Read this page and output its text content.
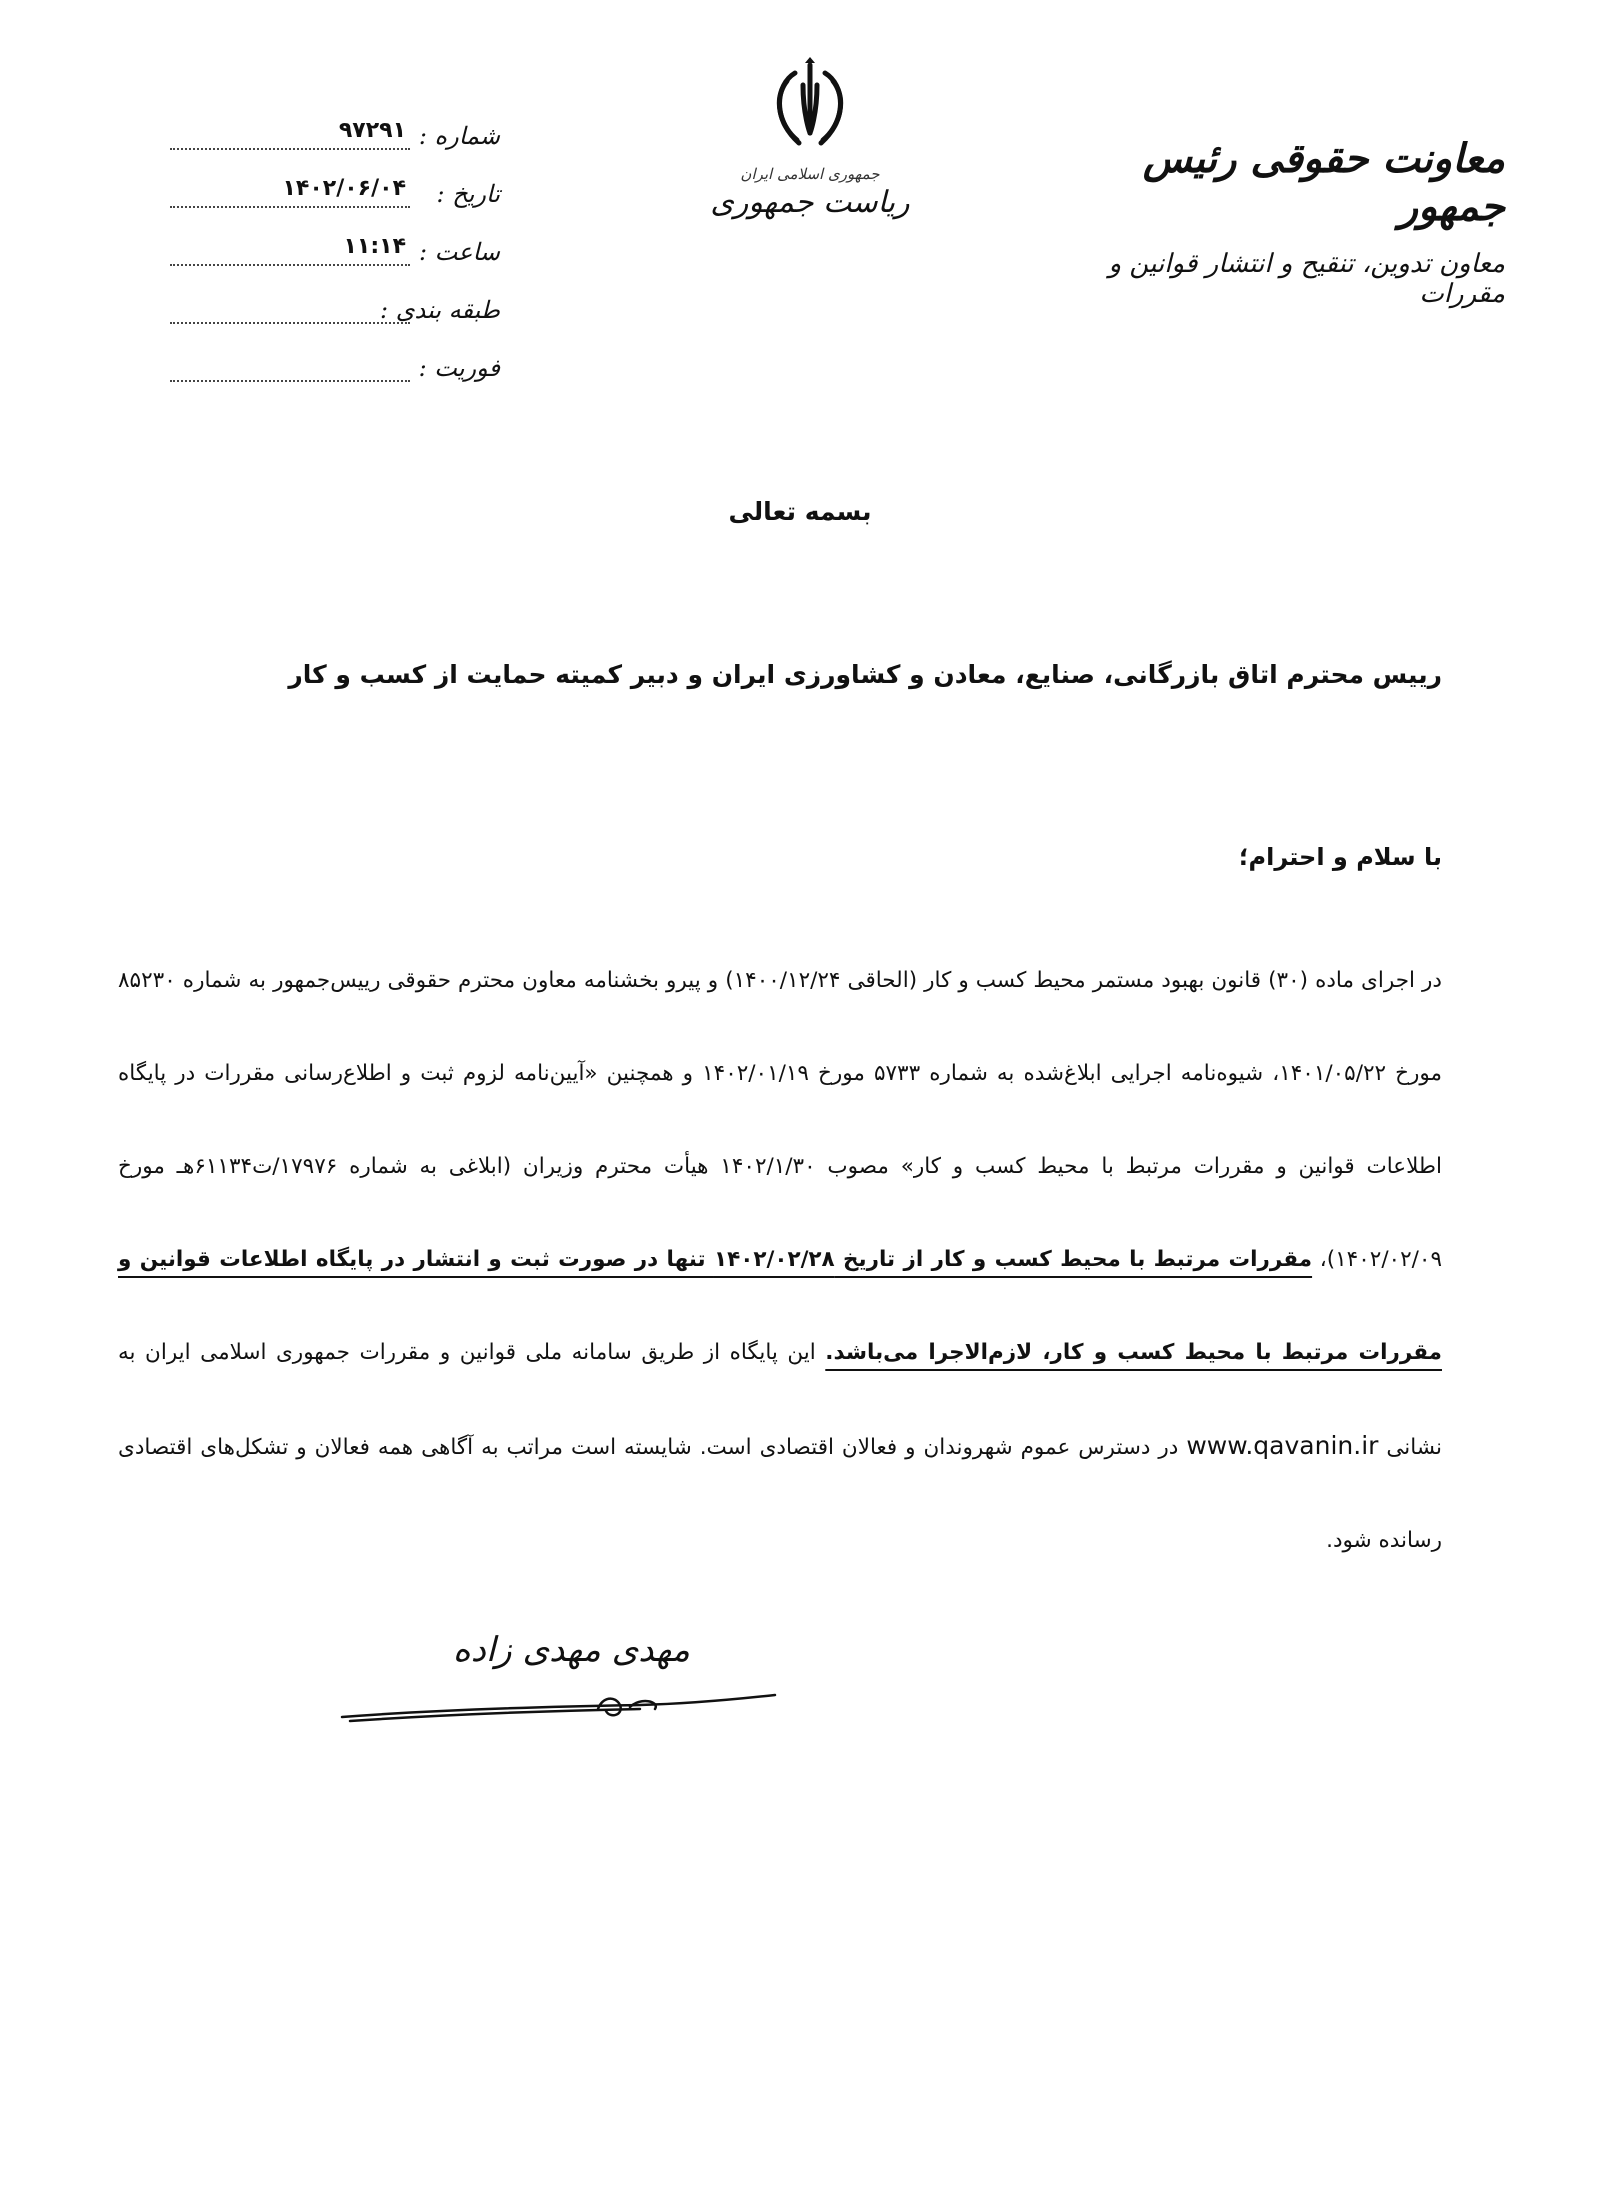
معاونت حقوقی رئیس جمهور
معاون تدوین، تنقیح و انتشار قوانین و مقررات
جمهوری اسلامی ایران
ریاست جمهوری
شماره :
۹۷۲۹۱
تاریخ :
۱۴۰۲/۰۶/۰۴
ساعت :
۱۱:۱۴
طبقه بندی :
فوریت :
بسمه تعالی
رییس محترم اتاق بازرگانی، صنایع، معادن و کشاورزی ایران و دبیر کمیته حمایت از کسب و کار
با سلام و احترام؛
در اجرای ماده (۳۰) قانون بهبود مستمر محیط کسب و کار (الحاقی ۱۴۰۰/۱۲/۲۴) و پیرو بخشنامه معاون محترم حقوقی رییس‌جمهور به شماره ۸۵۲۳۰ مورخ ۱۴۰۱/۰۵/۲۲، شیوه‌نامه اجرایی ابلاغ‌شده به شماره ۵۷۳۳ مورخ ۱۴۰۲/۰۱/۱۹ و همچنین «آیین‌نامه لزوم ثبت و اطلاع‌رسانی مقررات در پایگاه اطلاعات قوانین و مقررات مرتبط با محیط کسب و کار» مصوب ۱۴۰۲/۱/۳۰ هیأت محترم وزیران (ابلاغی به شماره ۱۷۹۷۶/ت۶۱۱۳۴هـ مورخ ۱۴۰۲/۰۲/۰۹)، مقررات مرتبط با محیط کسب و کار از تاریخ ۱۴۰۲/۰۲/۲۸ تنها در صورت ثبت و انتشار در پایگاه اطلاعات قوانین و مقررات مرتبط با محیط کسب و کار، لازم‌الاجرا می‌باشد. این پایگاه از طریق سامانه ملی قوانین و مقررات جمهوری اسلامی ایران به نشانی www.qavanin.ir در دسترس عموم شهروندان و فعالان اقتصادی است. شایسته است مراتب به آگاهی همه فعالان و تشکل‌های اقتصادی رسانده شود.
مهدی مهدی زاده
